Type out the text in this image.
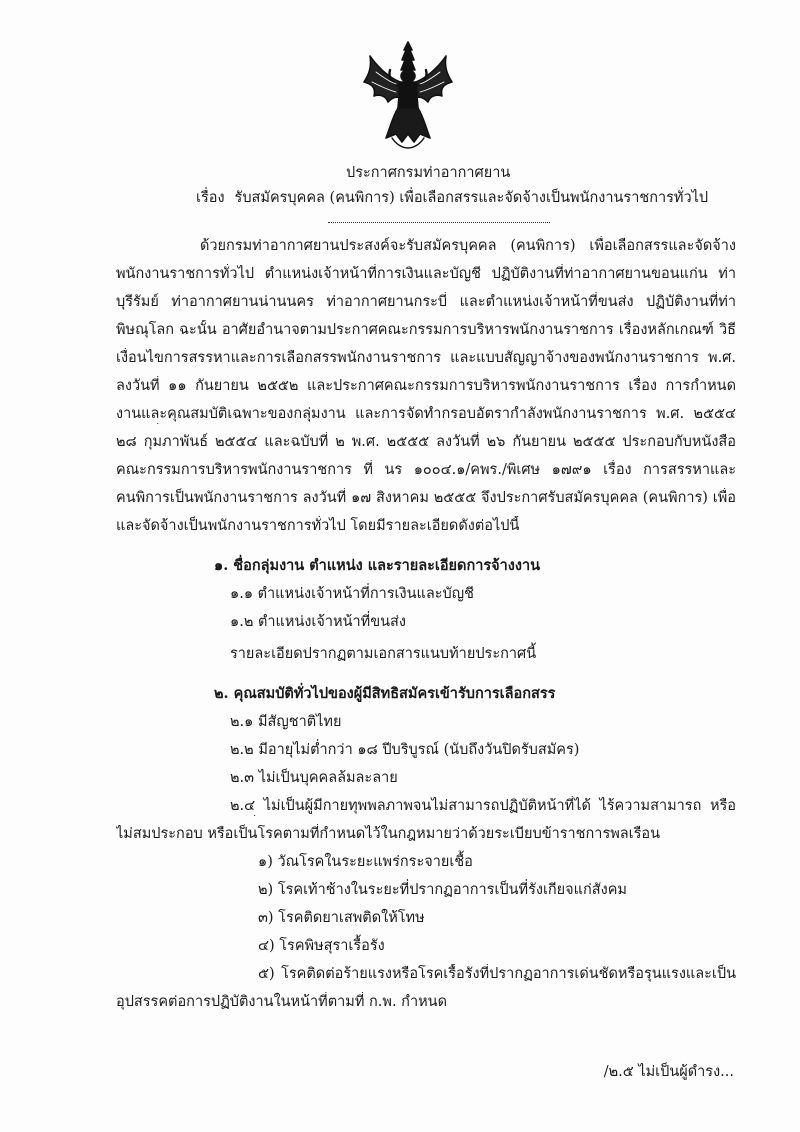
ประกาศกรมท่าอากาศยาน
เรื่อง รับสมัครบุคคล (คนพิการ) เพื่อเลือกสรรและจัดจ้างเป็นพนักงานราชการทั่วไป
ด้วยกรมท่าอากาศยานประสงค์จะรับสมัครบุคคล (คนพิการ) เพื่อเลือกสรรและจัดจ้าง
พนักงานราชการทั่วไป ตำแหน่งเจ้าหน้าที่การเงินและบัญชี ปฏิบัติงานที่ท่าอากาศยานขอนแก่น ท่า
บุรีรัมย์ ท่าอากาศยานน่านนคร ท่าอากาศยานกระบี่ และตำแหน่งเจ้าหน้าที่ขนส่ง ปฏิบัติงานที่ท่า
พิษณุโลก ฉะนั้น อาศัยอำนาจตามประกาศคณะกรรมการบริหารพนักงานราชการ เรื่องหลักเกณฑ์ วิธี
เงื่อนไขการสรรหาและการเลือกสรรพนักงานราชการ และแบบสัญญาจ้างของพนักงานราชการ พ.ศ.
ลงวันที่ ๑๑ กันยายน ๒๕๕๒ และประกาศคณะกรรมการบริหารพนักงานราชการ เรื่อง การกำหนด
งานและคุณสมบัติเฉพาะของกลุ่มงาน และการจัดทำกรอบอัตรากำลังพนักงานราชการ พ.ศ. ๒๕๕๔
๒๘ กุมภาพันธ์ ๒๕๕๔ และฉบับที่ ๒ พ.ศ. ๒๕๕๕ ลงวันที่ ๒๖ กันยายน ๒๕๕๕ ประกอบกับหนังสือ
คณะกรรมการบริหารพนักงานราชการ ที่ นร ๑๐๐๔.๑/คพร./พิเศษ ๑๗๙๑ เรื่อง การสรรหาและ
คนพิการเป็นพนักงานราชการ ลงวันที่ ๑๗ สิงหาคม ๒๕๕๕ จึงประกาศรับสมัครบุคคล (คนพิการ) เพื่อ
และจัดจ้างเป็นพนักงานราชการทั่วไป โดยมีรายละเอียดดังต่อไปนี้
๑. ชื่อกลุ่มงาน ตำแหน่ง และรายละเอียดการจ้างงาน
๑.๑ ตำแหน่งเจ้าหน้าที่การเงินและบัญชี
๑.๒ ตำแหน่งเจ้าหน้าที่ขนส่ง
รายละเอียดปรากฏตามเอกสารแนบท้ายประกาศนี้
๒. คุณสมบัติทั่วไปของผู้มีสิทธิสมัครเข้ารับการเลือกสรร
๒.๑ มีสัญชาติไทย
๒.๒ มีอายุไม่ต่ำกว่า ๑๘ ปีบริบูรณ์ (นับถึงวันปิดรับสมัคร)
๒.๓ ไม่เป็นบุคคลล้มละลาย
๒.๔ ไม่เป็นผู้มีกายทุพพลภาพจนไม่สามารถปฏิบัติหน้าที่ได้ ไร้ความสามารถ หรือ
ไม่สมประกอบ หรือเป็นโรคตามที่กำหนดไว้ในกฎหมายว่าด้วยระเบียบข้าราชการพลเรือน
๑) วัณโรคในระยะแพร่กระจายเชื้อ
๒) โรคเท้าช้างในระยะที่ปรากฏอาการเป็นที่รังเกียจแก่สังคม
๓) โรคติดยาเสพติดให้โทษ
๔) โรคพิษสุราเรื้อรัง
๕) โรคติดต่อร้ายแรงหรือโรคเรื้อรังที่ปรากฏอาการเด่นชัดหรือรุนแรงและเป็น
อุปสรรคต่อการปฏิบัติงานในหน้าที่ตามที่ ก.พ. กำหนด
/๒.๕ ไม่เป็นผู้ดำรง...
